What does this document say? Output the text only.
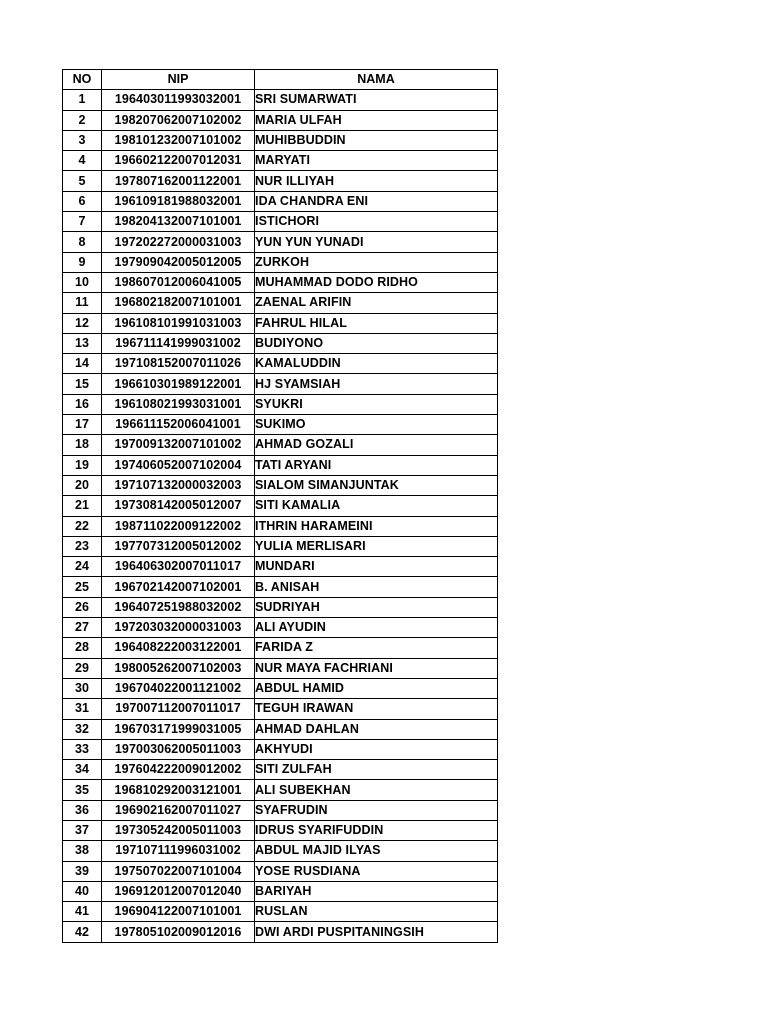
NO	NIP	NAMA
1	196403011993032001	SRI SUMARWATI
2	198207062007102002	MARIA ULFAH
3	198101232007101002	MUHIBBUDDIN
4	196602122007012031	MARYATI
5	197807162001122001	NUR ILLIYAH
6	196109181988032001	IDA CHANDRA ENI
7	198204132007101001	ISTICHORI
8	197202272000031003	YUN YUN YUNADI
9	197909042005012005	ZURKOH
10	198607012006041005	MUHAMMAD DODO RIDHO
11	196802182007101001	ZAENAL ARIFIN
12	196108101991031003	FAHRUL HILAL
13	196711141999031002	BUDIYONO
14	197108152007011026	KAMALUDDIN
15	196610301989122001	HJ SYAMSIAH
16	196108021993031001	SYUKRI
17	196611152006041001	SUKIMO
18	197009132007101002	AHMAD GOZALI
19	197406052007102004	TATI ARYANI
20	197107132000032003	SIALOM SIMANJUNTAK
21	197308142005012007	SITI KAMALIA
22	198711022009122002	ITHRIN HARAMEINI
23	197707312005012002	YULIA MERLISARI
24	196406302007011017	MUNDARI
25	196702142007102001	B. ANISAH
26	196407251988032002	SUDRIYAH
27	197203032000031003	ALI AYUDIN
28	196408222003122001	FARIDA Z
29	198005262007102003	NUR MAYA FACHRIANI
30	196704022001121002	ABDUL HAMID
31	197007112007011017	TEGUH IRAWAN
32	196703171999031005	AHMAD DAHLAN
33	197003062005011003	AKHYUDI
34	197604222009012002	SITI ZULFAH
35	196810292003121001	ALI SUBEKHAN
36	196902162007011027	SYAFRUDIN
37	197305242005011003	IDRUS SYARIFUDDIN
38	197107111996031002	ABDUL MAJID ILYAS
39	197507022007101004	YOSE RUSDIANA
40	196912012007012040	BARIYAH
41	196904122007101001	RUSLAN
42	197805102009012016	DWI ARDI PUSPITANINGSIH
